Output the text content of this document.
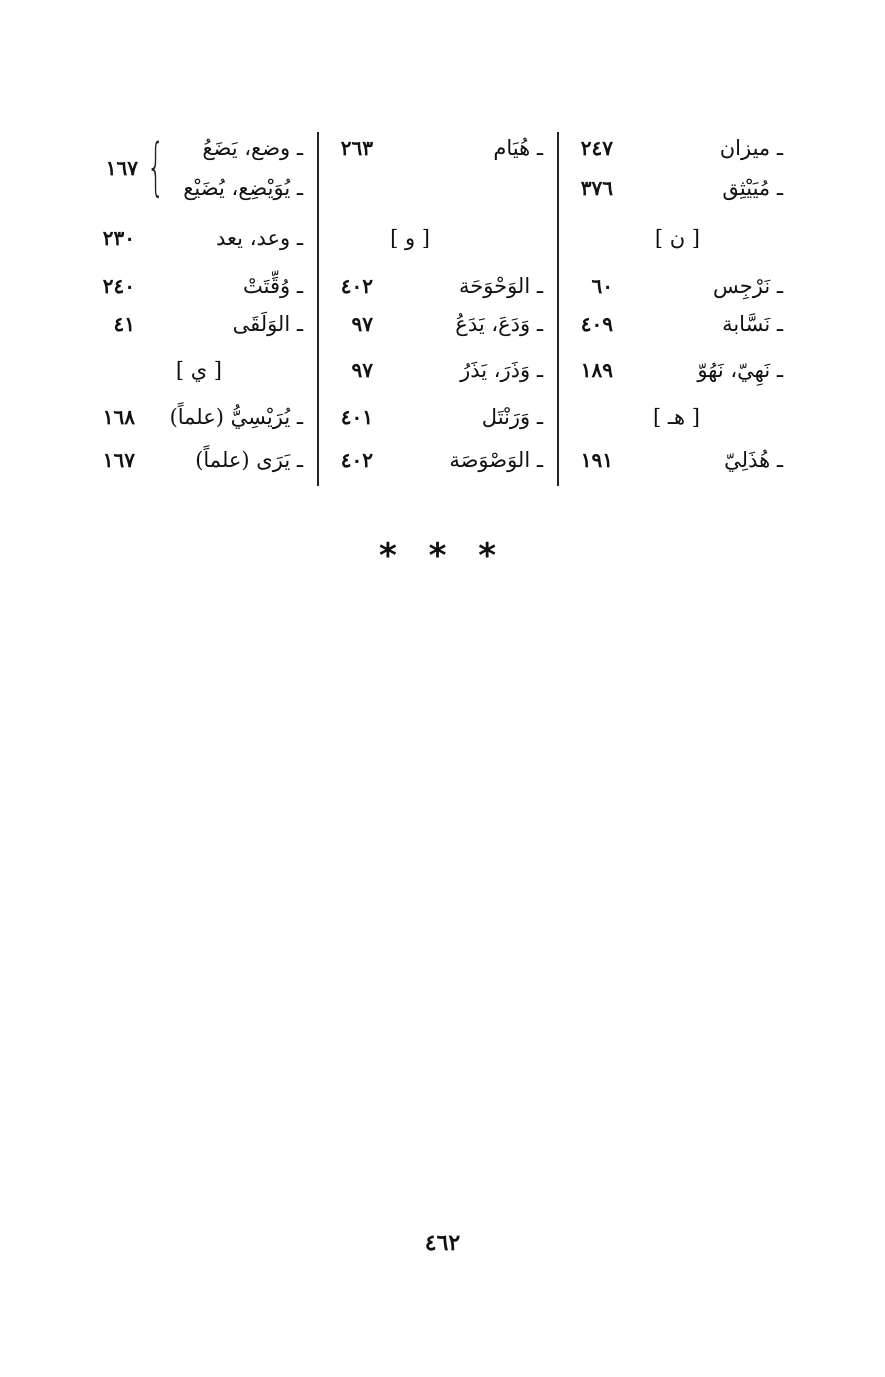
ـ ميزان
٢٤٧
ـ مُيَيْثِق
٣٧٦
[ ن ]
ـ نَرْجِس
٦٠
ـ نَسَّابة
٤٠٩
ـ نَهِيّ، نَهُوّ
١٨٩
[ هـ ]
ـ هُذَلِيّ
١٩١
ـ هُيَام
٢٦٣
[ و ]
ـ الوَحْوَحَة
٤٠٢
ـ وَدَعَ، يَدَعُ
٩٧
ـ وَذَرَ، يَذَرُ
٩٧
ـ وَرَنْتَل
٤٠١
ـ الوَصْوَصَة
٤٠٢
ـ وضع، يَضَعُ
ـ يُوَيْضِع، يُضَيْع
ـ وعد، يعد
٢٣٠
ـ وُقِّتَتْ
٢٤٠
ـ الوَلَقَى
٤١
[ ي ]
ـ يُرَيْسِيُّ (علماً)
١٦٨
ـ يَرَى (علماً)
١٦٧
{
١٦٧
* * *
٤٦٢
